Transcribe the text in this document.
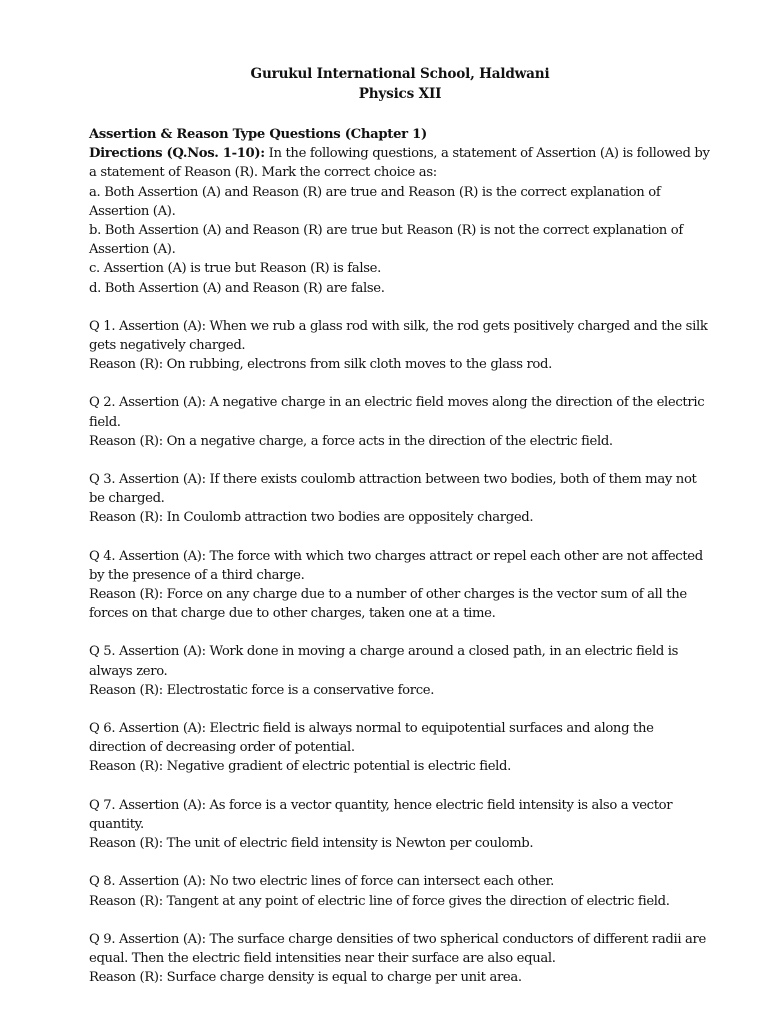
Gurukul International School, Haldwani
Physics XII
Assertion & Reason Type Questions (Chapter 1)
Directions (Q.Nos. 1-10): In the following questions, a statement of Assertion (A) is followed by a statement of Reason (R). Mark the correct choice as:
a. Both Assertion (A) and Reason (R) are true and Reason (R) is the correct explanation of Assertion (A).
b. Both Assertion (A) and Reason (R) are true but Reason (R) is not the correct explanation of Assertion (A).
c. Assertion (A) is true but Reason (R) is false.
d. Both Assertion (A) and Reason (R) are false.
Q 1. Assertion (A): When we rub a glass rod with silk, the rod gets positively charged and the silk gets negatively charged.
Reason (R): On rubbing, electrons from silk cloth moves to the glass rod.
Q 2. Assertion (A): A negative charge in an electric field moves along the direction of the electric field.
Reason (R): On a negative charge, a force acts in the direction of the electric field.
Q 3. Assertion (A): If there exists coulomb attraction between two bodies, both of them may not be charged.
Reason (R): In Coulomb attraction two bodies are oppositely charged.
Q 4. Assertion (A): The force with which two charges attract or repel each other are not affected by the presence of a third charge.
Reason (R): Force on any charge due to a number of other charges is the vector sum of all the forces on that charge due to other charges, taken one at a time.
Q 5. Assertion (A): Work done in moving a charge around a closed path, in an electric field is always zero.
Reason (R): Electrostatic force is a conservative force.
Q 6. Assertion (A): Electric field is always normal to equipotential surfaces and along the direction of decreasing order of potential.
Reason (R): Negative gradient of electric potential is electric field.
Q 7. Assertion (A): As force is a vector quantity, hence electric field intensity is also a vector quantity.
Reason (R): The unit of electric field intensity is Newton per coulomb.
Q 8. Assertion (A): No two electric lines of force can intersect each other.
Reason (R): Tangent at any point of electric line of force gives the direction of electric field.
Q 9. Assertion (A): The surface charge densities of two spherical conductors of different radii are equal. Then the electric field intensities near their surface are also equal.
Reason (R): Surface charge density is equal to charge per unit area.
